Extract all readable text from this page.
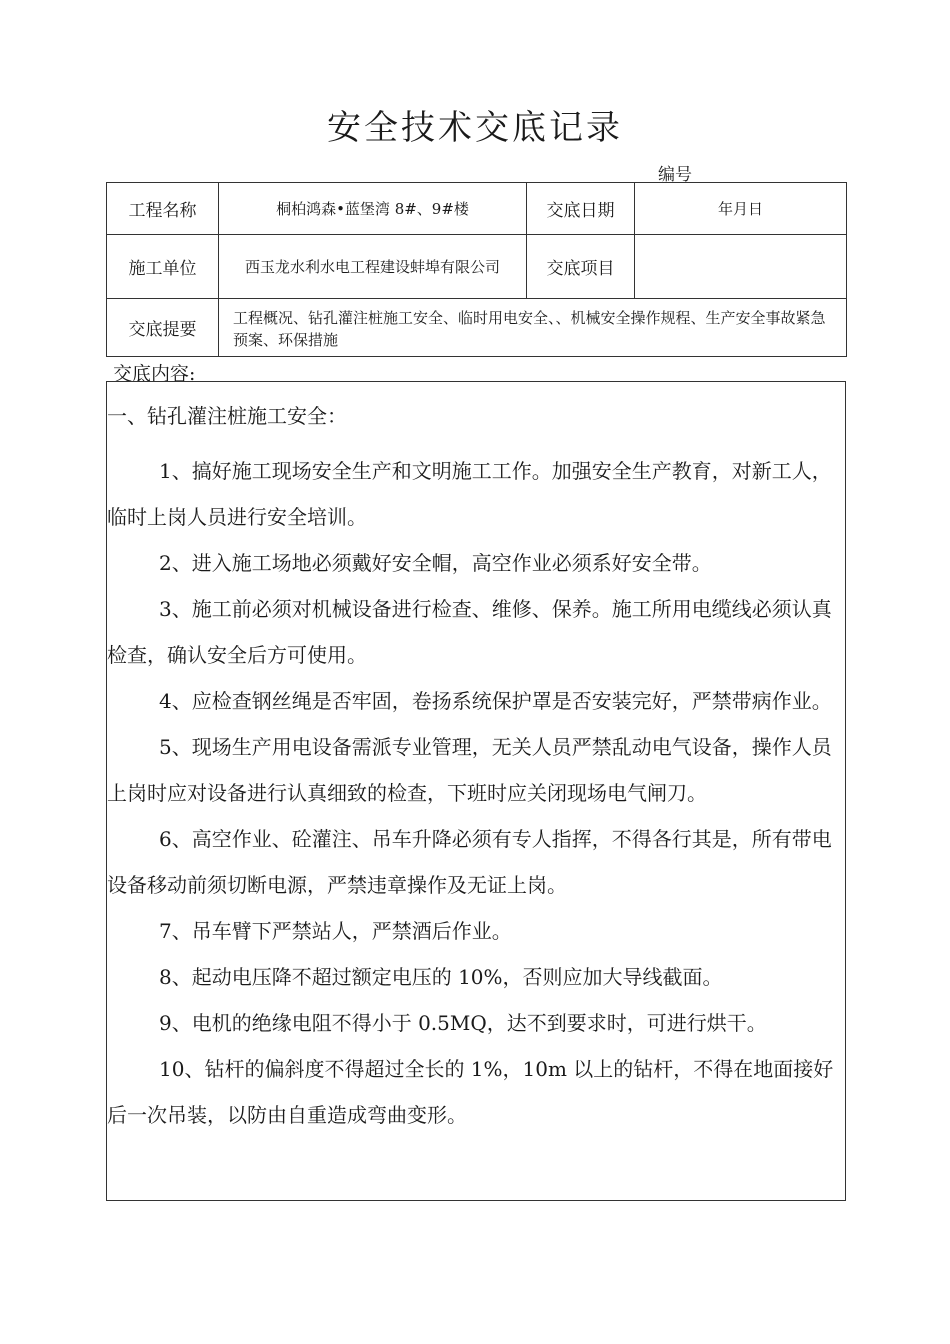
安全技术交底记录
编号
工程名称	桐柏鸿森•蓝堡湾 8#、9#楼	交底日期	年月日
施工单位	西玉龙水利水电工程建设蚌埠有限公司	交底项目	
交底提要	工程概况、钻孔灌注桩施工安全、临时用电安全、、机械安全操作规程、生产安全事故紧急预案、环保措施		
交底内容:

一、钻孔灌注桩施工安全：

1、搞好施工现场安全生产和文明施工工作。加强安全生产教育，对新工人，临时上岗人员进行安全培训。

2、进入施工场地必须戴好安全帽，高空作业必须系好安全带。

3、施工前必须对机械设备进行检查、维修、保养。施工所用电缆线必须认真检查，确认安全后方可使用。

4、应检查钢丝绳是否牢固，卷扬系统保护罩是否安装完好，严禁带病作业。

5、现场生产用电设备需派专业管理，无关人员严禁乱动电气设备，操作人员上岗时应对设备进行认真细致的检查，下班时应关闭现场电气闸刀。

6、高空作业、砼灌注、吊车升降必须有专人指挥，不得各行其是，所有带电设备移动前须切断电源，严禁违章操作及无证上岗。

7、吊车臂下严禁站人，严禁酒后作业。

8、起动电压降不超过额定电压的 10%，否则应加大导线截面。

9、电机的绝缘电阻不得小于 0.5MQ，达不到要求时，可进行烘干。

10、钻杆的偏斜度不得超过全长的 1%，10m 以上的钻杆，不得在地面接好后一次吊装，以防由自重造成弯曲变形。
